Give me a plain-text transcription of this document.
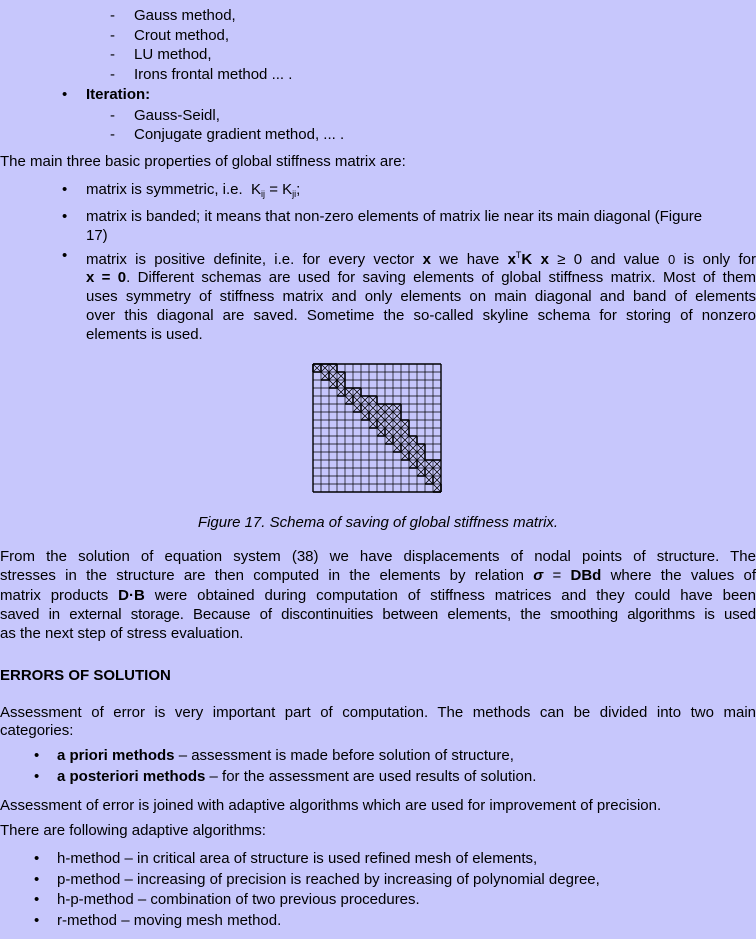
- Gauss method,
- Crout method,
- LU method,
- Irons frontal method ... .
• Iteration:
- Gauss-Seidl,
- Conjugate gradient method, ... .
The main three basic properties of global stiffness matrix are:
• matrix is symmetric, i.e. $K_{ij} = K_{ji}$;
• matrix is banded; it means that non-zero elements of matrix lie near its main diagonal (Figure
17)
• matrix is positive definite, i.e. for every vector x we have $x^TK$ x ≥ 0 and value 0 is only for
x = 0. Different schemas are used for saving elements of global stiffness matrix. Most of them
uses symmetry of stiffness matrix and only elements on main diagonal and band of elements
over this diagonal are saved. Sometime the so-called skyline schema for storing of nonzero
elements is used.
Figure 17. Schema of saving of global stiffness matrix.
From the solution of equation system (38) we have displacements of nodal points of structure. The
stresses in the structure are then computed in the elements by relation σ = DBd where the values of
matrix products D·B were obtained during computation of stiffness matrices and they could have been
saved in external storage. Because of discontinuities between elements, the smoothing algorithms is used
as the next step of stress evaluation.
ERRORS OF SOLUTION
Assessment of error is very important part of computation. The methods can be divided into two main
categories:
• a priori methods – assessment is made before solution of structure,
• a posteriori methods – for the assessment are used results of solution.
Assessment of error is joined with adaptive algorithms which are used for improvement of precision.
There are following adaptive algorithms:
• h-method – in critical area of structure is used refined mesh of elements,
• p-method – increasing of precision is reached by increasing of polynomial degree,
• h-p-method – combination of two previous procedures.
• r-method – moving mesh method.
